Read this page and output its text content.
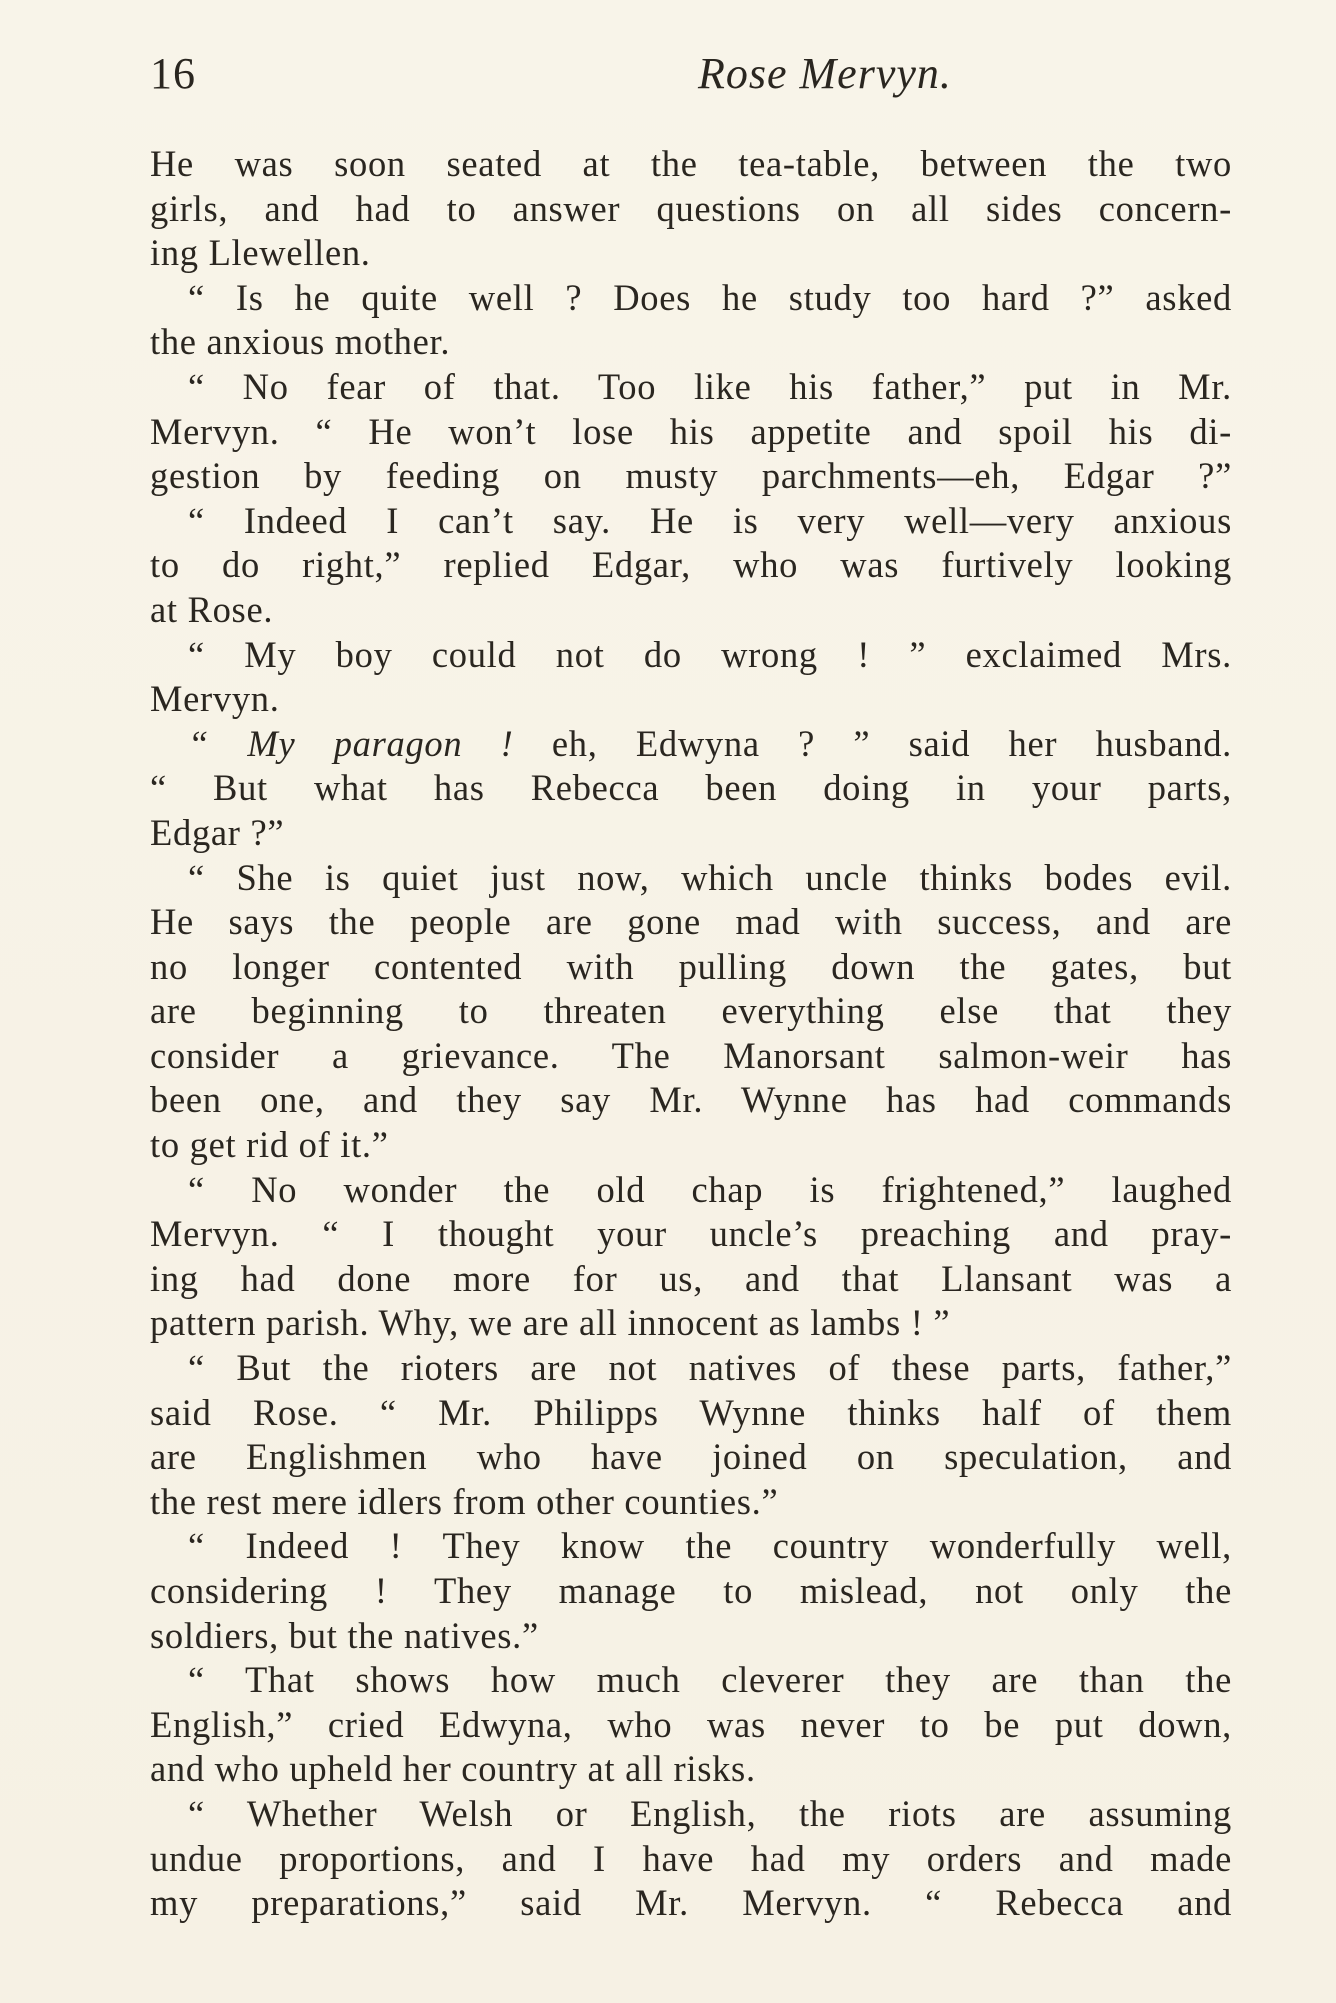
16	Rose Mervyn.
He was soon seated at the tea-table, between the two
girls, and had to answer questions on all sides concern-
ing Llewellen.
“ Is he quite well ? Does he study too hard ?” asked
the anxious mother.
“ No fear of that. Too like his father,” put in Mr.
Mervyn. “ He won’t lose his appetite and spoil his di-
gestion by feeding on musty parchments—eh, Edgar ?”
“ Indeed I can’t say. He is very well—very anxious
to do right,” replied Edgar, who was furtively looking
at Rose.
“ My boy could not do wrong ! ” exclaimed Mrs.
Mervyn.
“ My paragon ! eh, Edwyna ? ” said her husband.
“ But what has Rebecca been doing in your parts,
Edgar ?”
“ She is quiet just now, which uncle thinks bodes evil.
He says the people are gone mad with success, and are
no longer contented with pulling down the gates, but
are beginning to threaten everything else that they
consider a grievance. The Manorsant salmon-weir has
been one, and they say Mr. Wynne has had commands
to get rid of it.”
“ No wonder the old chap is frightened,” laughed
Mervyn. “ I thought your uncle’s preaching and pray-
ing had done more for us, and that Llansant was a
pattern parish. Why, we are all innocent as lambs ! ”
“ But the rioters are not natives of these parts, father,”
said Rose. “ Mr. Philipps Wynne thinks half of them
are Englishmen who have joined on speculation, and
the rest mere idlers from other counties.”
“ Indeed ! They know the country wonderfully well,
considering ! They manage to mislead, not only the
soldiers, but the natives.”
“ That shows how much cleverer they are than the
English,” cried Edwyna, who was never to be put down,
and who upheld her country at all risks.
“ Whether Welsh or English, the riots are assuming
undue proportions, and I have had my orders and made
my preparations,” said Mr. Mervyn. “ Rebecca and
